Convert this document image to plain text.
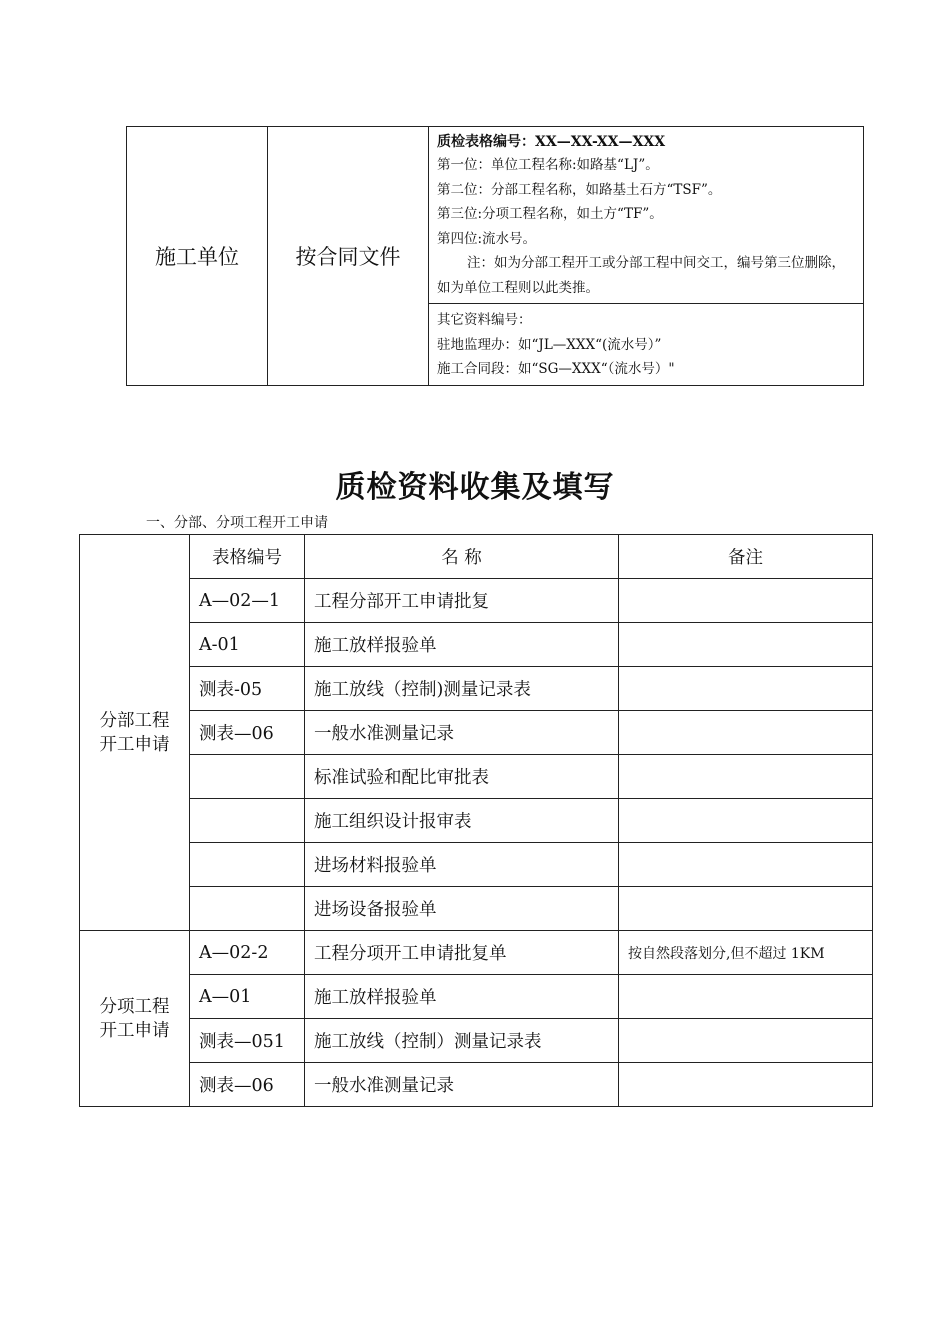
施工单位	按合同文件	
质检表格编号：XX—XX-XX—XXX
第一位：单位工程名称:如路基“LJ”。
第二位：分部工程名称，如路基土石方“TSF”。
第三位:分项工程名称，如土方“TF”。
第四位:流水号。
注：如为分部工程开工或分部工程中间交工，编号第三位删除，如为单位工程则以此类推。

其它资料编号：
驻地监理办：如“JL—XXX“(流水号）”
施工合同段：如“SG—XXX“（流水号）"
质检资料收集及填写
一、分部、分项工程开工申请
分部工程
开工申请	表格编号	名 称	备注
	A—02—1	工程分部开工申请批复	
	A-01	施工放样报验单	
	测表-05	施工放线（控制)测量记录表	
	测表—06	一般水准测量记录	
		标准试验和配比审批表	
		施工组织设计报审表	
		进场材料报验单	
		进场设备报验单	
分项工程
开工申请	A—02-2	工程分项开工申请批复单	按自然段落划分,但不超过 1KM
	A—01	施工放样报验单	
	测表—051	施工放线（控制）测量记录表	
	测表—06	一般水准测量记录	
